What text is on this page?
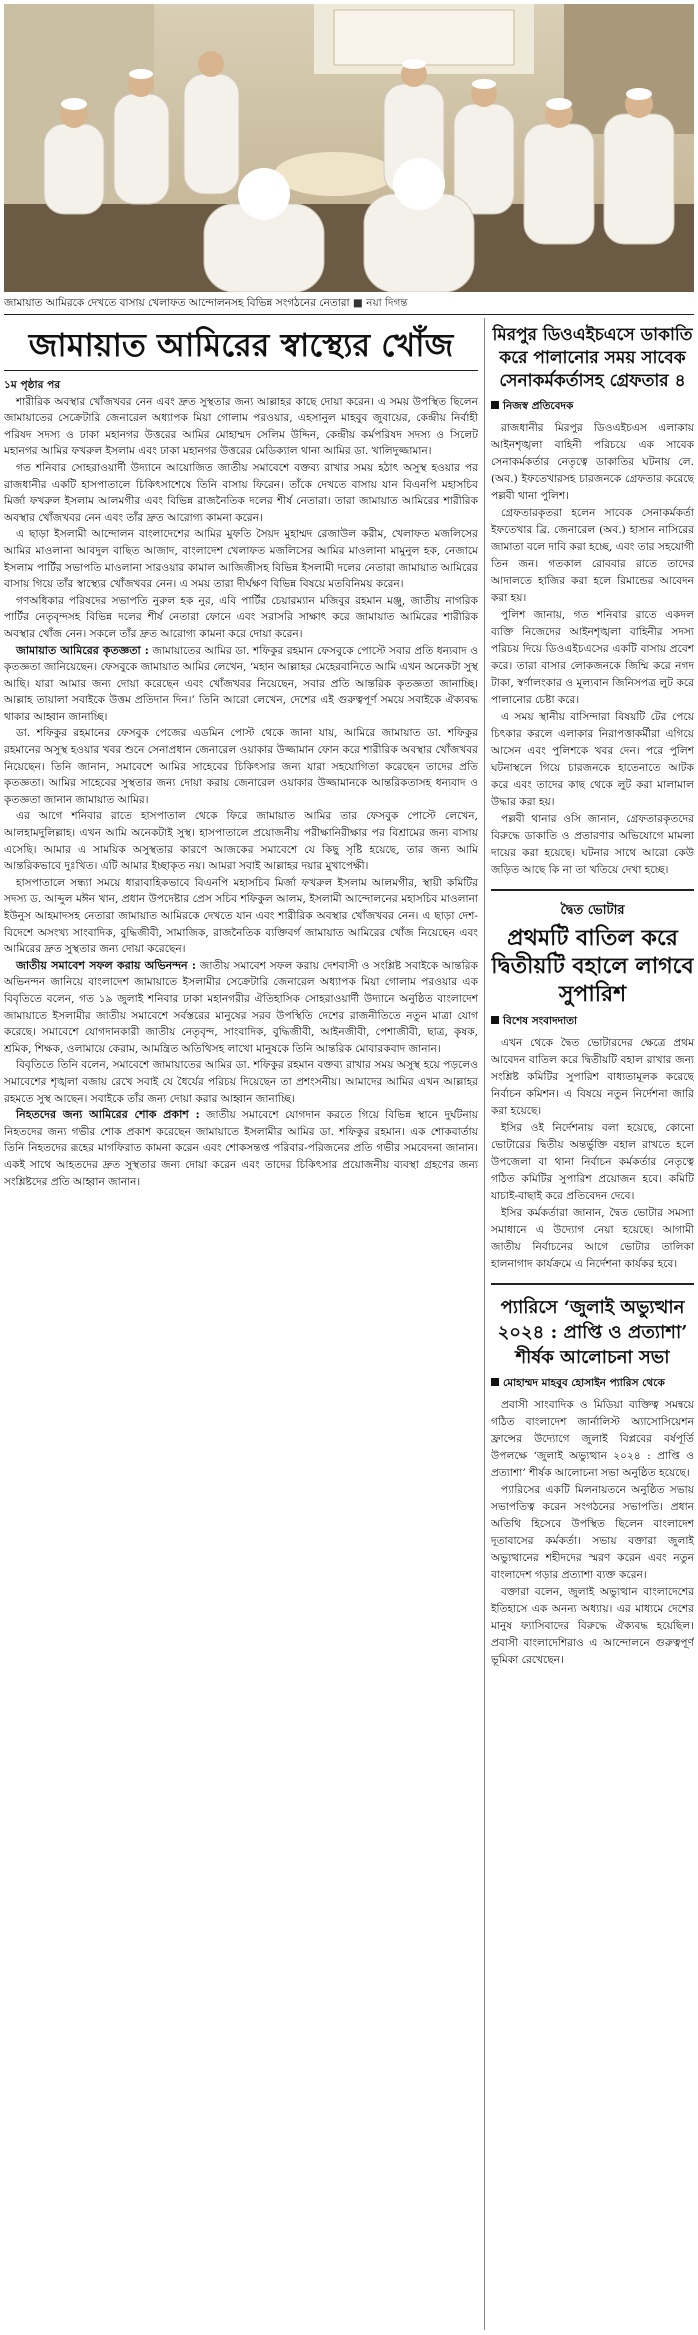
জামায়াত আমিরকে দেখতে বাসায় খেলাফত আন্দোলনসহ বিভিন্ন সংগঠনের নেতারা ■ নয়া দিগন্ত
জামায়াত আমিরের স্বাস্থ্যের খোঁজ

১ম পৃষ্ঠার পর

শারীরিক অবস্থার খোঁজখবর নেন এবং দ্রুত সুস্থতার জন্য আল্লাহর কাছে দোয়া করেন। এ সময় উপস্থিত ছিলেন জামায়াতের সেক্রেটারি জেনারেল অধ্যাপক মিয়া গোলাম পরওয়ার, এহসানুল মাহবুব জুবায়ের, কেন্দ্রীয় নির্বাহী পরিষদ সদস্য ও ঢাকা মহানগর উত্তরের আমির মোহাম্মদ সেলিম উদ্দিন, কেন্দ্রীয় কর্মপরিষদ সদস্য ও সিলেট মহানগর আমির ফখরুল ইসলাম এবং ঢাকা মহানগর উত্তরের মেডিক্যাল থানা আমির ডা. খালিদুজ্জামান।

গত শনিবার সোহরাওয়ার্দী উদ্যানে আয়োজিত জাতীয় সমাবেশে বক্তব্য রাখার সময় হঠাৎ অসুস্থ হওয়ার পর রাজধানীর একটি হাসপাতালে চিকিৎসাশেষে তিনি বাসায় ফিরেন। তাঁকে দেখতে বাসায় যান বিএনপি মহাসচিব মির্জা ফখরুল ইসলাম আলমগীর এবং বিভিন্ন রাজনৈতিক দলের শীর্ষ নেতারা। তারা জামায়াত আমিরের শারীরিক অবস্থার খোঁজখবর নেন এবং তাঁর দ্রুত আরোগ্য কামনা করেন।

এ ছাড়া ইসলামী আন্দোলন বাংলাদেশের আমির মুফতি সৈয়দ মুহাম্মদ রেজাউল করীম, খেলাফত মজলিসের আমির মাওলানা আবদুল বাছিত আজাদ, বাংলাদেশ খেলাফত মজলিসের আমির মাওলানা মামুনুল হক, নেজামে ইসলাম পার্টির সভাপতি মাওলানা সারওয়ার কামাল আজিজীসহ বিভিন্ন ইসলামী দলের নেতারা জামায়াত আমিরের বাসায় গিয়ে তাঁর স্বাস্থ্যের খোঁজখবর নেন। এ সময় তারা দীর্ঘক্ষণ বিভিন্ন বিষয়ে মতবিনিময় করেন।

গণঅধিকার পরিষদের সভাপতি নুরুল হক নুর, এবি পার্টির চেয়ারম্যান মজিবুর রহমান মঞ্জু, জাতীয় নাগরিক পার্টির নেতৃবৃন্দসহ বিভিন্ন দলের শীর্ষ নেতারা ফোনে এবং সরাসরি সাক্ষাৎ করে জামায়াত আমিরের শারীরিক অবস্থার খোঁজ নেন। সকলে তাঁর দ্রুত আরোগ্য কামনা করে দোয়া করেন।

জামায়াত আমিরের কৃতজ্ঞতা : জামায়াতের আমির ডা. শফিকুর রহমান ফেসবুকে পোস্টে সবার প্রতি ধন্যবাদ ও কৃতজ্ঞতা জানিয়েছেন। ফেসবুকে জামায়াত আমির লেখেন, ‘মহান আল্লাহর মেহেরবানিতে আমি এখন অনেকটা সুস্থ আছি। যারা আমার জন্য দোয়া করেছেন এবং খোঁজখবর নিয়েছেন, সবার প্রতি আন্তরিক কৃতজ্ঞতা জানাচ্ছি। আল্লাহ তায়ালা সবাইকে উত্তম প্রতিদান দিন।’ তিনি আরো লেখেন, দেশের এই গুরুত্বপূর্ণ সময়ে সবাইকে ঐক্যবদ্ধ থাকার আহ্বান জানাচ্ছি।

ডা. শফিকুর রহমানের ফেসবুক পেজের এডমিন পোস্ট থেকে জানা যায়, আমিরে জামায়াত ডা. শফিকুর রহমানের অসুস্থ হওয়ার খবর শুনে সেনাপ্রধান জেনারেল ওয়াকার উজ্জামান ফোন করে শারীরিক অবস্থার খোঁজখবর নিয়েছেন। তিনি জানান, সমাবেশে আমির সাহেবের চিকিৎসার জন্য যারা সহযোগিতা করেছেন তাদের প্রতি কৃতজ্ঞতা। আমির সাহেবের সুস্থতার জন্য দোয়া করায় জেনারেল ওয়াকার উজ্জামানকে আন্তরিকতাসহ ধন্যবাদ ও কৃতজ্ঞতা জানান জামায়াত আমির।

এর আগে শনিবার রাতে হাসপাতাল থেকে ফিরে জামায়াত আমির তার ফেসবুক পোস্টে লেখেন, আলহামদুলিল্লাহ। এখন আমি অনেকটাই সুস্থ। হাসপাতালে প্রয়োজনীয় পরীক্ষানিরীক্ষার পর বিশ্রামের জন্য বাসায় এসেছি। আমার এ সাময়িক অসুস্থতার কারণে আজকের সমাবেশে যে কিছু সৃষ্টি হয়েছে, তার জন্য আমি আন্তরিকভাবে দুঃখিত। এটি আমার ইচ্ছাকৃত নয়। আমরা সবাই আল্লাহর দয়ার মুখাপেক্ষী।

হাসপাতালে সন্ধ্যা সময়ে ধারাবাহিকভাবে বিএনপি মহাসচিব মির্জা ফখরুল ইসলাম আলমগীর, স্থায়ী কমিটির সদস্য ড. আব্দুল মঈন খান, প্রধান উপদেষ্টার প্রেস সচিব শফিকুল আলম, ইসলামী আন্দোলনের মহাসচিব মাওলানা ইউনুস আহমাদসহ নেতারা জামায়াত আমিরকে দেখতে যান এবং শারীরিক অবস্থার খোঁজখবর নেন। এ ছাড়া দেশ-বিদেশে অসংখ্য সাংবাদিক, বুদ্ধিজীবী, সামাজিক, রাজনৈতিক ব্যক্তিবর্গ জামায়াত আমিরের খোঁজ নিয়েছেন এবং আমিরের দ্রুত সুস্থতার জন্য দোয়া করেছেন।

জাতীয় সমাবেশ সফল করায় অভিনন্দন : জাতীয় সমাবেশ সফল করায় দেশবাসী ও সংশ্লিষ্ট সবাইকে আন্তরিক অভিনন্দন জানিয়ে বাংলাদেশ জামায়াতে ইসলামীর সেক্রেটারি জেনারেল অধ্যাপক মিয়া গোলাম পরওয়ার এক বিবৃতিতে বলেন, গত ১৯ জুলাই শনিবার ঢাকা মহানগরীর ঐতিহাসিক সোহরাওয়ার্দী উদ্যানে অনুষ্ঠিত বাংলাদেশ জামায়াতে ইসলামীর জাতীয় সমাবেশে সর্বস্তরের মানুষের সরব উপস্থিতি দেশের রাজনীতিতে নতুন মাত্রা যোগ করেছে। সমাবেশে যোগদানকারী জাতীয় নেতৃবৃন্দ, সাংবাদিক, বুদ্ধিজীবী, আইনজীবী, পেশাজীবী, ছাত্র, কৃষক, শ্রমিক, শিক্ষক, ওলামায়ে কেরাম, আমন্ত্রিত অতিথিসহ লাখো মানুষকে তিনি আন্তরিক মোবারকবাদ জানান।

বিবৃতিতে তিনি বলেন, সমাবেশে জামায়াতের আমির ডা. শফিকুর রহমান বক্তব্য রাখার সময় অসুস্থ হয়ে পড়লেও সমাবেশের শৃঙ্খলা বজায় রেখে সবাই যে ধৈর্যের পরিচয় দিয়েছেন তা প্রশংসনীয়। আমাদের আমির এখন আল্লাহর রহমতে সুস্থ আছেন। সবাইকে তাঁর জন্য দোয়া করার আহ্বান জানাচ্ছি।

নিহতদের জন্য আমিরের শোক প্রকাশ : জাতীয় সমাবেশে যোগদান করতে গিয়ে বিভিন্ন স্থানে দুর্ঘটনায় নিহতদের জন্য গভীর শোক প্রকাশ করেছেন জামায়াতে ইসলামীর আমির ডা. শফিকুর রহমান। এক শোকবার্তায় তিনি নিহতদের রূহের মাগফিরাত কামনা করেন এবং শোকসন্তপ্ত পরিবার-পরিজনের প্রতি গভীর সমবেদনা জানান। একই সাথে আহতদের দ্রুত সুস্থতার জন্য দোয়া করেন এবং তাদের চিকিৎসার প্রয়োজনীয় ব্যবস্থা গ্রহণের জন্য সংশ্লিষ্টদের প্রতি আহ্বান জানান।

মিরপুর ডিওএইচএসে ডাকাতি করে পালানোর সময় সাবেক সেনাকর্মকর্তাসহ গ্রেফতার ৪
নিজস্ব প্রতিবেদক

রাজধানীর মিরপুর ডিওএইচএস এলাকায় আইনশৃঙ্খলা বাহিনী পরিচয়ে এক সাবেক সেনাকর্মকর্তার নেতৃত্বে ডাকাতির ঘটনায় লে. (অব.) ইফতেখারসহ চারজনকে গ্রেফতার করেছে পল্লবী থানা পুলিশ।

গ্রেফতারকৃতরা হলেন সাবেক সেনাকর্মকর্তা ইফতেখার ব্রি. জেনারেল (অব.) হাসান নাসিরের জামাতা বলে দাবি করা হচ্ছে, এবং তার সহযোগী তিন জন। গতকাল রোববার রাতে তাদের আদালতে হাজির করা হলে রিমান্ডের আবেদন করা হয়।

পুলিশ জানায়, গত শনিবার রাতে একদল ব্যক্তি নিজেদের আইনশৃঙ্খলা বাহিনীর সদস্য পরিচয় দিয়ে ডিওএইচএসের একটি বাসায় প্রবেশ করে। তারা বাসার লোকজনকে জিম্মি করে নগদ টাকা, স্বর্ণালংকার ও মূল্যবান জিনিসপত্র লুট করে পালানোর চেষ্টা করে।

এ সময় স্থানীয় বাসিন্দারা বিষয়টি টের পেয়ে চিৎকার করলে এলাকার নিরাপত্তাকর্মীরা এগিয়ে আসেন এবং পুলিশকে খবর দেন। পরে পুলিশ ঘটনাস্থলে গিয়ে চারজনকে হাতেনাতে আটক করে এবং তাদের কাছ থেকে লুট করা মালামাল উদ্ধার করা হয়।

পল্লবী থানার ওসি জানান, গ্রেফতারকৃতদের বিরুদ্ধে ডাকাতি ও প্রতারণার অভিযোগে মামলা দায়ের করা হয়েছে। ঘটনার সাথে আরো কেউ জড়িত আছে কি না তা খতিয়ে দেখা হচ্ছে।

দ্বৈত ভোটার
প্রথমটি বাতিল করে দ্বিতীয়টি বহালে লাগবে সুপারিশ
বিশেষ সংবাদদাতা

এখন থেকে দ্বৈত ভোটারদের ক্ষেত্রে প্রথম আবেদন বাতিল করে দ্বিতীয়টি বহাল রাখার জন্য সংশ্লিষ্ট কমিটির সুপারিশ বাধ্যতামূলক করেছে নির্বাচন কমিশন। এ বিষয়ে নতুন নির্দেশনা জারি করা হয়েছে।

ইসির ওই নির্দেশনায় বলা হয়েছে, কোনো ভোটারের দ্বিতীয় অন্তর্ভুক্তি বহাল রাখতে হলে উপজেলা বা থানা নির্বাচন কর্মকর্তার নেতৃত্বে গঠিত কমিটির সুপারিশ প্রয়োজন হবে। কমিটি যাচাই-বাছাই করে প্রতিবেদন দেবে।

ইসির কর্মকর্তারা জানান, দ্বৈত ভোটার সমস্যা সমাধানে এ উদ্যোগ নেয়া হয়েছে। আগামী জাতীয় নির্বাচনের আগে ভোটার তালিকা হালনাগাদ কার্যক্রমে এ নির্দেশনা কার্যকর হবে।

প্যারিসে ‘জুলাই অভ্যুত্থান ২০২৪ : প্রাপ্তি ও প্রত্যাশা’ শীর্ষক আলোচনা সভা
মোহাম্মদ মাহবুব হোসাইন প্যারিস থেকে

প্রবাসী সাংবাদিক ও মিডিয়া ব্যক্তিত্ব সমন্বয়ে গঠিত বাংলাদেশ জার্নালিস্ট অ্যাসোসিয়েশন ফ্রান্সের উদ্যোগে জুলাই বিপ্লবের বর্ষপূর্তি উপলক্ষে ‘জুলাই অভ্যুত্থান ২০২৪ : প্রাপ্তি ও প্রত্যাশা’ শীর্ষক আলোচনা সভা অনুষ্ঠিত হয়েছে।

প্যারিসের একটি মিলনায়তনে অনুষ্ঠিত সভায় সভাপতিত্ব করেন সংগঠনের সভাপতি। প্রধান অতিথি হিসেবে উপস্থিত ছিলেন বাংলাদেশ দূতাবাসের কর্মকর্তা। সভায় বক্তারা জুলাই অভ্যুত্থানের শহীদদের স্মরণ করেন এবং নতুন বাংলাদেশ গড়ার প্রত্যাশা ব্যক্ত করেন।

বক্তারা বলেন, জুলাই অভ্যুত্থান বাংলাদেশের ইতিহাসে এক অনন্য অধ্যায়। এর মাধ্যমে দেশের মানুষ ফ্যাসিবাদের বিরুদ্ধে ঐক্যবদ্ধ হয়েছিল। প্রবাসী বাংলাদেশিরাও এ আন্দোলনে গুরুত্বপূর্ণ ভূমিকা রেখেছেন।
